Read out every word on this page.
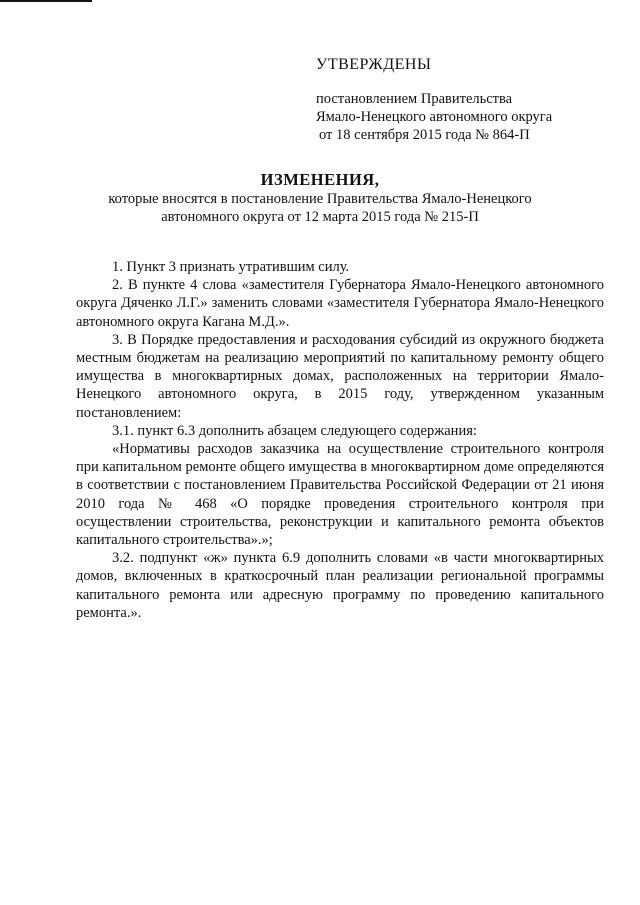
УТВЕРЖДЕНЫ
постановлением Правительства
Ямало-Ненецкого автономного округа
от 18 сентября 2015 года № 864-П
ИЗМЕНЕНИЯ,
которые вносятся в постановление Правительства Ямало-Ненецкого
автономного округа от 12 марта 2015 года № 215-П

1. Пункт 3 признать утратившим силу.

2. В пункте 4 слова «заместителя Губернатора Ямало-Ненецкого автономного округа Дяченко Л.Г.» заменить словами «заместителя Губернатора Ямало-Ненецкого автономного округа Кагана М.Д.».

3. В Порядке предоставления и расходования субсидий из окружного бюджета местным бюджетам на реализацию мероприятий по капитальному ремонту общего имущества в многоквартирных домах, расположенных на территории Ямало-Ненецкого автономного округа, в 2015 году, утвержденном указанным постановлением:

3.1. пункт 6.3 дополнить абзацем следующего содержания:

«Нормативы расходов заказчика на осуществление строительного контроля при капитальном ремонте общего имущества в многоквартирном доме определяются в соответствии с постановлением Правительства Российской Федерации от 21 июня 2010 года № 468 «О порядке проведения строительного контроля при осуществлении строительства, реконструкции и капитального ремонта объектов капитального строительства».»;

3.2. подпункт «ж» пункта 6.9 дополнить словами «в части многоквартирных домов, включенных в краткосрочный план реализации региональной программы капитального ремонта или адресную программу по проведению капитального ремонта.».
